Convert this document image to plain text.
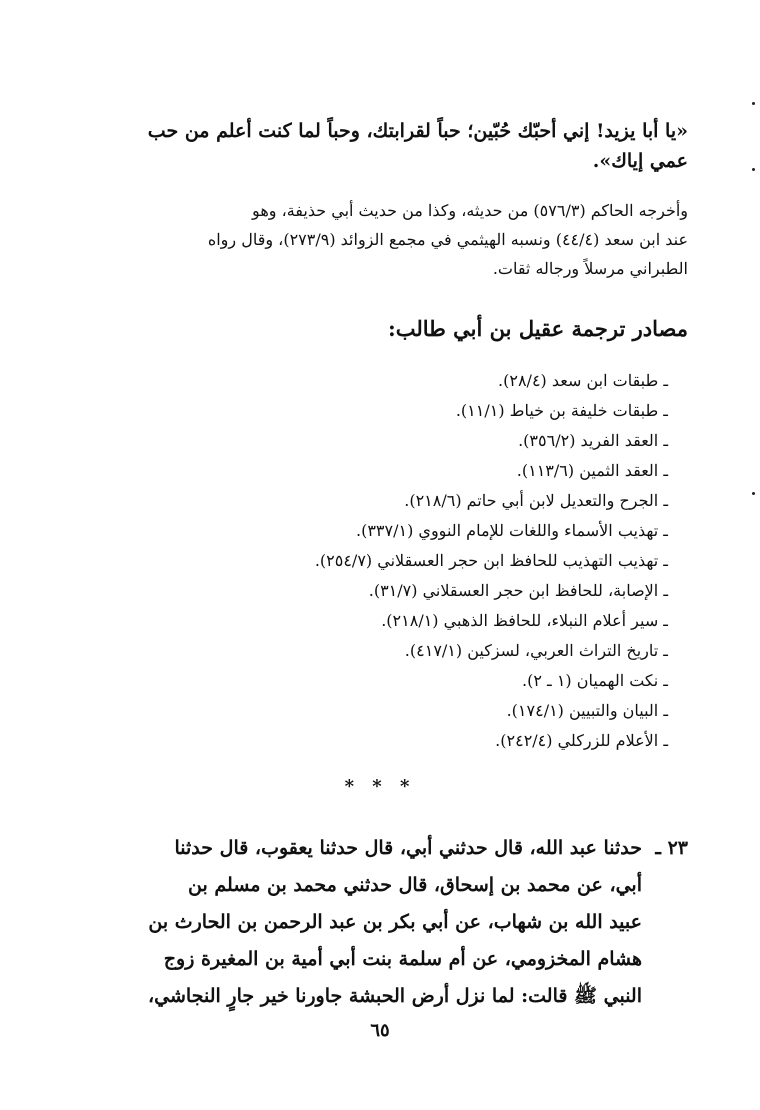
«يا أبا يزيد! إني أحبّك حُبّين؛ حباً لقرابتك، وحباً لما كنت أعلم من حب
عمي إياك».
وأخرجه الحاكم (٥٧٦/٣) من حديثه، وكذا من حديث أبي حذيفة، وهو
عند ابن سعد (٤٤/٤) ونسبه الهيثمي في مجمع الزوائد (٢٧٣/٩)، وقال رواه
الطبراني مرسلاً ورجاله ثقات.
مصادر ترجمة عقيل بن أبي طالب:
ـ طبقات ابن سعد (٢٨/٤).
ـ طبقات خليفة بن خياط (١١/١).
ـ العقد الفريد (٣٥٦/٢).
ـ العقد الثمين (١١٣/٦).
ـ الجرح والتعديل لابن أبي حاتم (٢١٨/٦).
ـ تهذيب الأسماء واللغات للإمام النووي (٣٣٧/١).
ـ تهذيب التهذيب للحافظ ابن حجر العسقلاني (٢٥٤/٧).
ـ الإصابة، للحافظ ابن حجر العسقلاني (٣١/٧).
ـ سير أعلام النبلاء، للحافظ الذهبي (٢١٨/١).
ـ تاريخ التراث العربي، لسزكين (٤١٧/١).
ـ نكت الهميان (١ ـ ٢).
ـ البيان والتبيين (١٧٤/١).
ـ الأعلام للزركلي (٢٤٢/٤).
* * *
٢٣ ـ
حدثنا عبد الله، قال حدثني أبي، قال حدثنا يعقوب، قال حدثنا
أبي، عن محمد بن إسحاق، قال حدثني محمد بن مسلم بن
عبيد الله بن شهاب، عن أبي بكر بن عبد الرحمن بن الحارث بن
هشام المخزومي، عن أم سلمة بنت أبي أمية بن المغيرة زوج
النبي ﷺ قالت: لما نزل أرض الحبشة جاورنا خير جارٍ النجاشي،
٦٥
